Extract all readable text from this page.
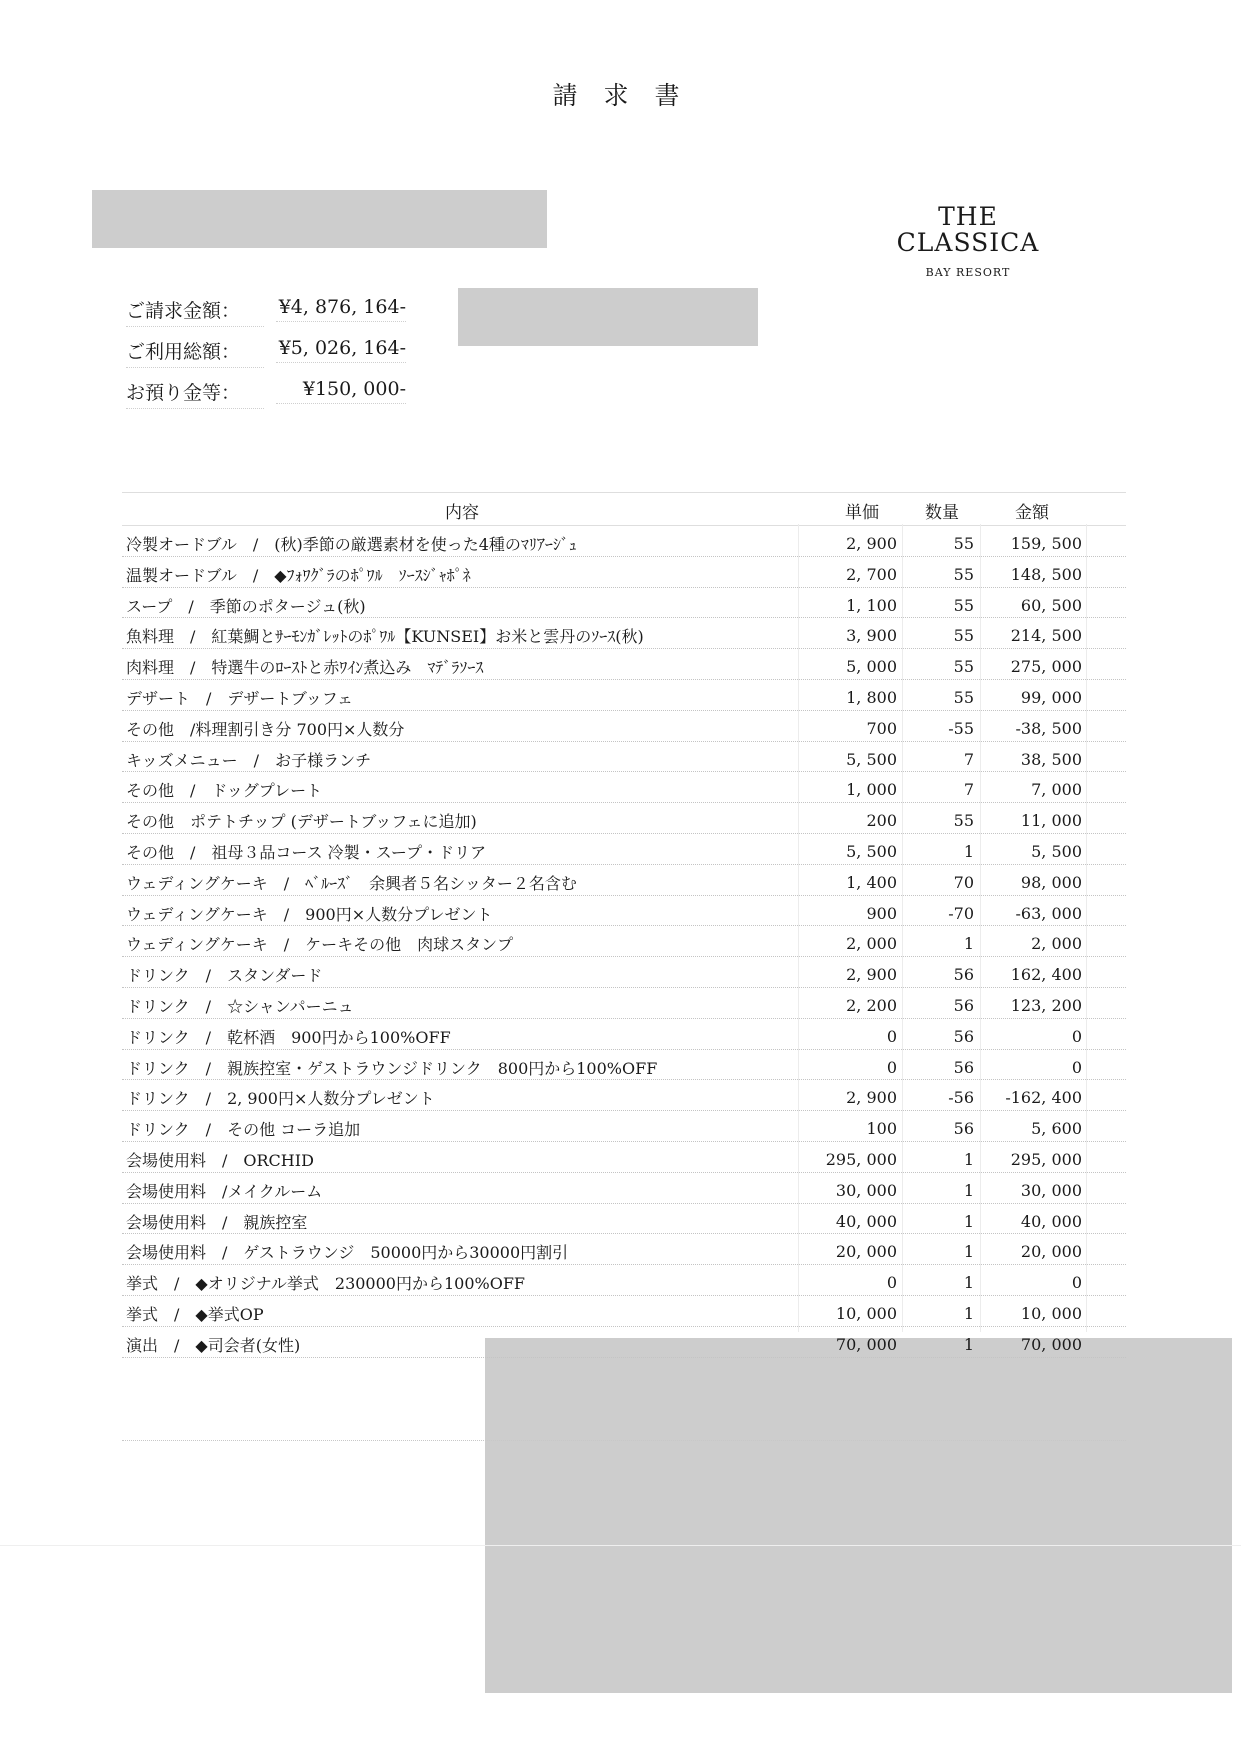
請 求 書
THE
CLASSICA
BAY RESORT
ご請求金額：	¥4, 876, 164-
ご利用総額：	¥5, 026, 164-
お預り金等：	¥150, 000-
内容	単価	数量	金額
冷製オードブル　/　(秋)季節の厳選素材を使った4種のﾏﾘｱｰｼﾞｭ	2, 900	55	159, 500
温製オードブル　/　◆ﾌｫﾜｸﾞﾗのﾎﾟﾜﾙ　ｿｰｽｼﾞｬﾎﾟﾈ	2, 700	55	148, 500
スープ　/　季節のポタージュ(秋)	1, 100	55	60, 500
魚料理　/　紅葉鯛とｻｰﾓﾝｶﾞﾚｯﾄのﾎﾟﾜﾙ【KUNSEI】お米と雲丹のｿｰｽ(秋)	3, 900	55	214, 500
肉料理　/　特選牛のﾛｰｽﾄと赤ﾜｲﾝ煮込み　ﾏﾃﾞﾗｿｰｽ	5, 000	55	275, 000
デザート　/　デザートブッフェ	1, 800	55	99, 000
その他　/料理割引き分 700円×人数分	700	-55	-38, 500
キッズメニュー　/　お子様ランチ	5, 500	7	38, 500
その他　/　ドッグプレート	1, 000	7	7, 000
その他　ポテトチップ (デザートブッフェに追加)	200	55	11, 000
その他　/　祖母３品コース 冷製・スープ・ドリア	5, 500	1	5, 500
ウェディングケーキ　/　ﾍﾞﾙｰｽﾞ　余興者５名シッター２名含む	1, 400	70	98, 000
ウェディングケーキ　/　900円×人数分プレゼント	900	-70	-63, 000
ウェディングケーキ　/　ケーキその他　肉球スタンプ	2, 000	1	2, 000
ドリンク　/　スタンダード	2, 900	56	162, 400
ドリンク　/　☆シャンパーニュ	2, 200	56	123, 200
ドリンク　/　乾杯酒　900円から100%OFF	0	56	0
ドリンク　/　親族控室・ゲストラウンジドリンク　800円から100%OFF	0	56	0
ドリンク　/　2, 900円×人数分プレゼント	2, 900	-56	-162, 400
ドリンク　/　その他 コーラ追加	100	56	5, 600
会場使用料　/　ORCHID	295, 000	1	295, 000
会場使用料　/メイクルーム	30, 000	1	30, 000
会場使用料　/　親族控室	40, 000	1	40, 000
会場使用料　/　ゲストラウンジ　50000円から30000円割引	20, 000	1	20, 000
挙式　/　◆オリジナル挙式　230000円から100%OFF	0	1	0
挙式　/　◆挙式OP	10, 000	1	10, 000
演出　/　◆司会者(女性)	70, 000	1	70, 000
